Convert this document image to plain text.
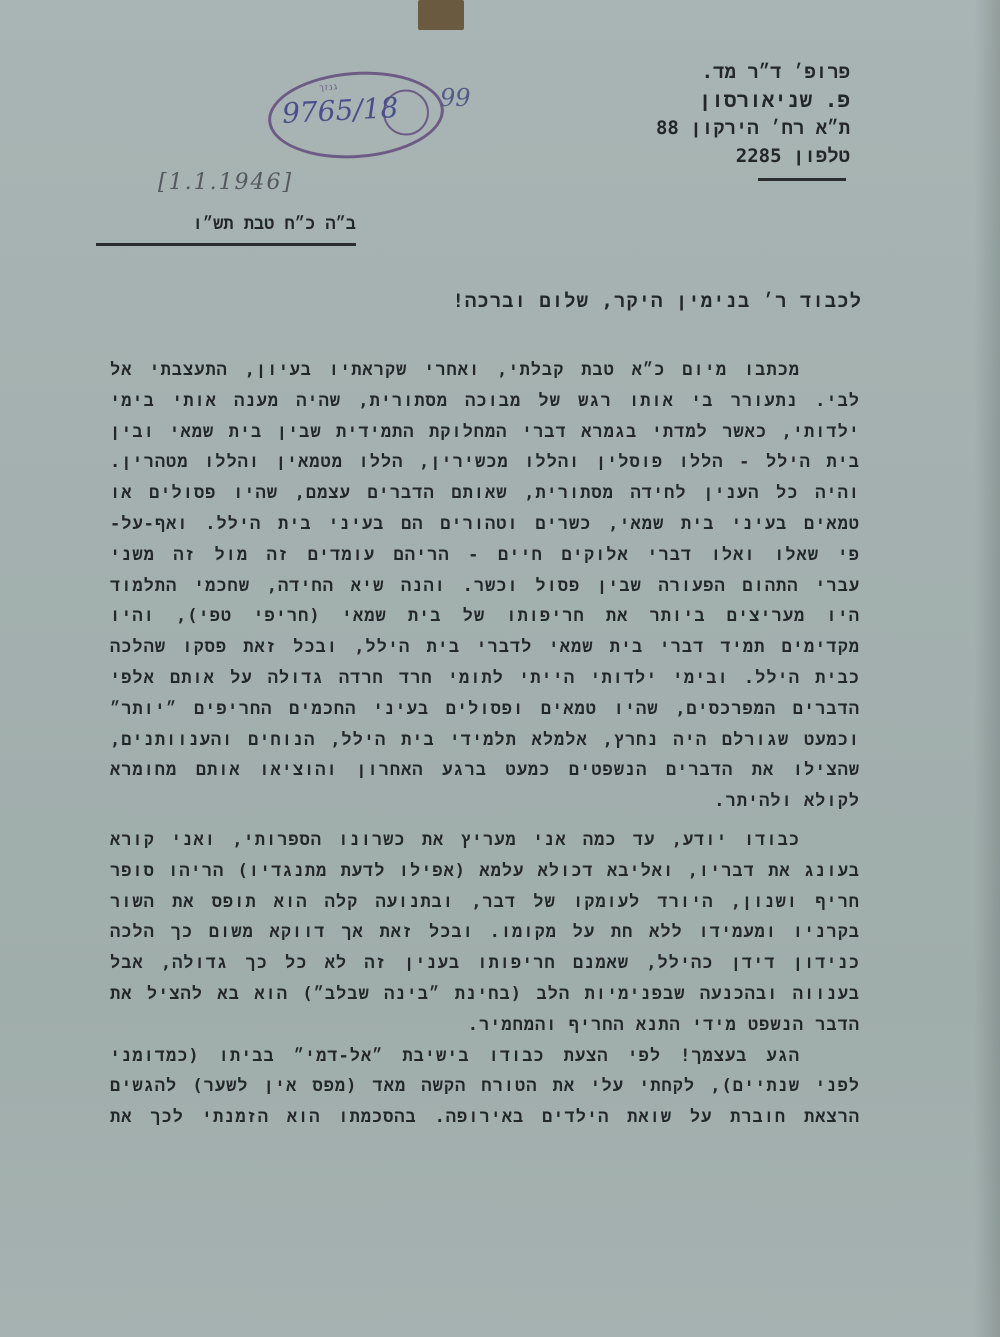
גנזך
9765/18 99
[1.1.1946]
פרופ׳ ד״ר מד.
פ. שניאורסון
ת״א רח׳ הירקון 88
טלפון 2285
ב״ה כ״ח טבת תש״ו
לכבוד ר׳ בנימין היקר, שלום וברכה!
מכתבו מיום כ״א טבת קבלתי, ואחרי שקראתיו בעיון, התעצבתי אל
לבי. נתעורר בי אותו רגש של מבוכה מסתורית, שהיה מענה אותי בימי
ילדותי, כאשר למדתי בגמרא דברי המחלוקת התמידית שבין בית שמאי ובין
בית הילל - הללו פוסלין והללו מכשירין, הללו מטמאין והללו מטהרין.
והיה כל הענין לחידה מסתורית, שאותם הדברים עצמם, שהיו פסולים או
טמאים בעיני בית שמאי, כשרים וטהורים הם בעיני בית הילל. ואף-על-
פי שאלו ואלו דברי אלוקים חיים - הריהם עומדים זה מול זה משני
עברי התהום הפעורה שבין פסול וכשר. והנה שיא החידה, שחכמי התלמוד
היו מעריצים ביותר את חריפותו של בית שמאי (חריפי טפי), והיו
מקדימים תמיד דברי בית שמאי לדברי בית הילל, ובכל זאת פסקו שהלכה
כבית הילל. ובימי ילדותי הייתי לתומי חרד חרדה גדולה על אותם אלפי
הדברים המפרכסים, שהיו טמאים ופסולים בעיני החכמים החריפים ״יותר״
וכמעט שגורלם היה נחרץ, אלמלא תלמידי בית הילל, הנוחים והענוותנים,
שהצילו את הדברים הנשפטים כמעט ברגע האחרון והוציאו אותם מחומרא
לקולא ולהיתר.
כבודו יודע, עד כמה אני מעריץ את כשרונו הספרותי, ואני קורא
בעונג את דבריו, ואליבא דכולא עלמא (אפילו לדעת מתנגדיו) הריהו סופר
חריף ושנון, היורד לעומקו של דבר, ובתנועה קלה הוא תופס את השור
בקרניו ומעמידו ללא חת על מקומו. ובכל זאת אך דווקא משום כך הלכה
כנידון דידן כהילל, שאמנם חריפותו בענין זה לא כל כך גדולה, אבל
בענווה ובהכנעה שבפנימיות הלב (בחינת ״בינה שבלב״) הוא בא להציל את
הדבר הנשפט מידי התנא החריף והמחמיר.
הגע בעצמך! לפי הצעת כבודו בישיבת ״אל-דמי״ בביתו (כמדומני
לפני שנתיים), לקחתי עלי את הטורח הקשה מאד (מפס אין לשער) להגשים
הרצאת חוברת על שואת הילדים באירופה. בהסכמתו הוא הזמנתי לכך את
